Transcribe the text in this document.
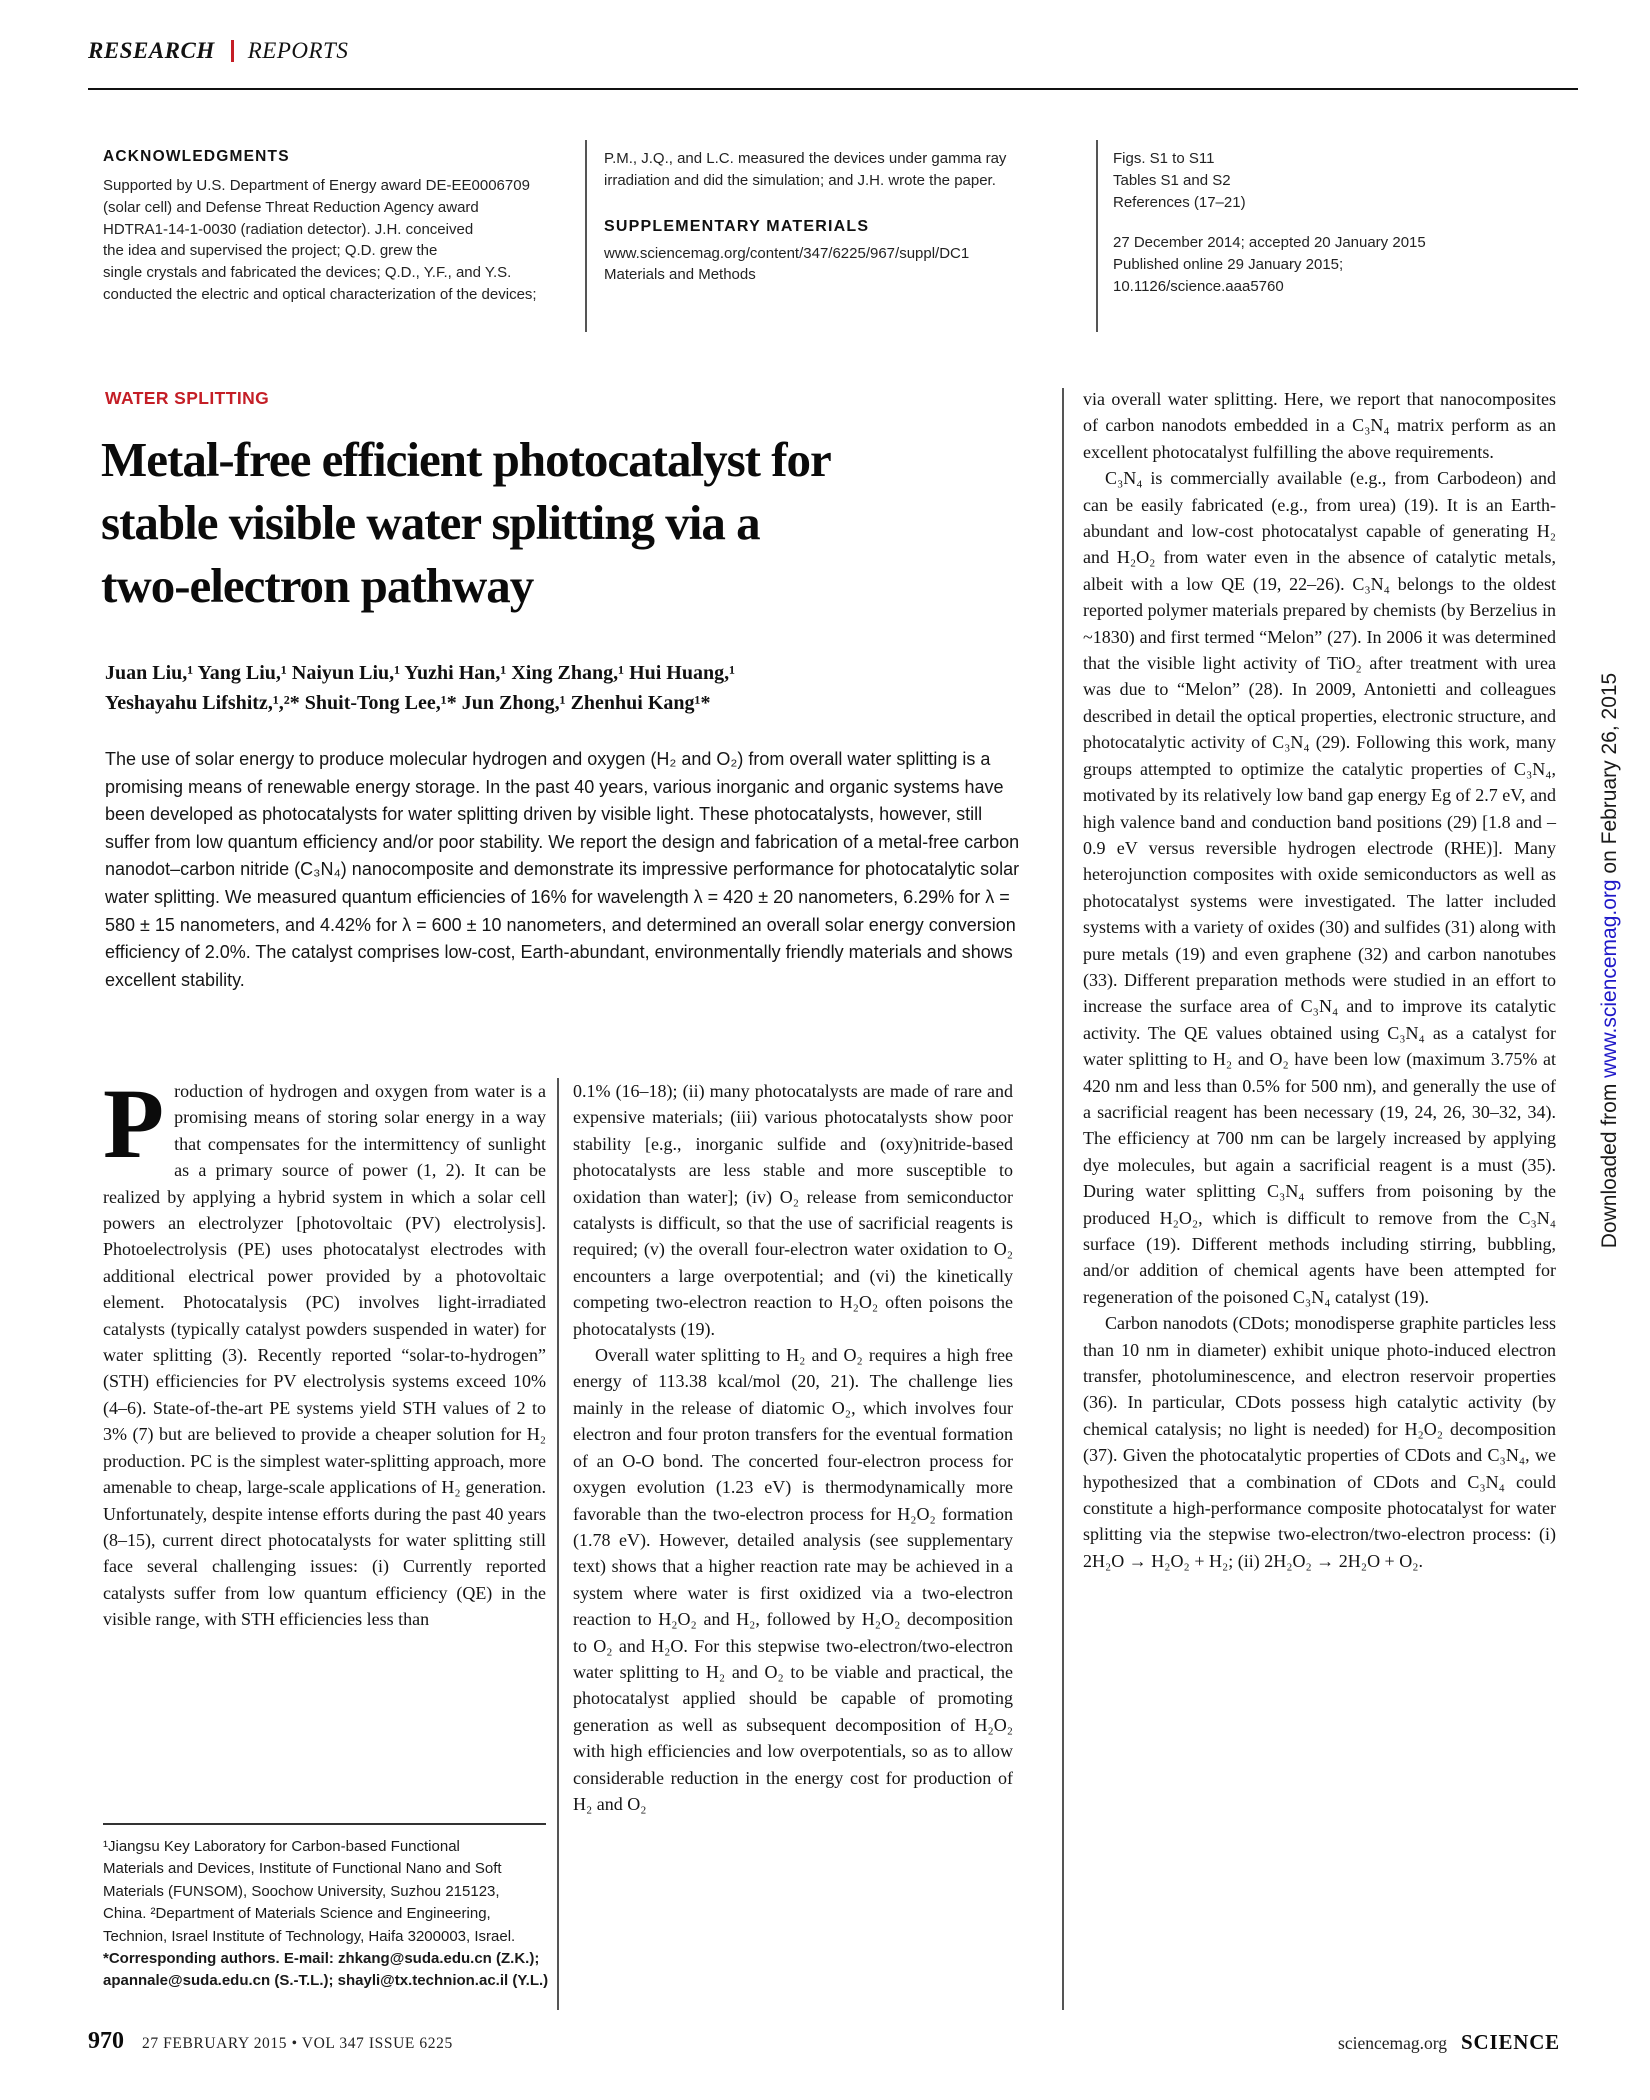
RESEARCH REPORTS
ACKNOWLEDGMENTS
Supported by U.S. Department of Energy award DE-EE0006709
(solar cell) and Defense Threat Reduction Agency award
HDTRA1-14-1-0030 (radiation detector). J.H. conceived
the idea and supervised the project; Q.D. grew the
single crystals and fabricated the devices; Q.D., Y.F., and Y.S.
conducted the electric and optical characterization of the devices;
P.M., J.Q., and L.C. measured the devices under gamma ray
irradiation and did the simulation; and J.H. wrote the paper.
SUPPLEMENTARY MATERIALS
www.sciencemag.org/content/347/6225/967/suppl/DC1
Materials and Methods
Figs. S1 to S11
Tables S1 and S2
References (17–21)
27 December 2014; accepted 20 January 2015
Published online 29 January 2015;
10.1126/science.aaa5760
WATER SPLITTING
Metal-free efficient photocatalyst for
stable visible water splitting via a
two-electron pathway
Juan Liu,¹ Yang Liu,¹ Naiyun Liu,¹ Yuzhi Han,¹ Xing Zhang,¹ Hui Huang,¹
Yeshayahu Lifshitz,¹,²* Shuit-Tong Lee,¹* Jun Zhong,¹ Zhenhui Kang¹*
The use of solar energy to produce molecular hydrogen and oxygen (H₂ and O₂) from overall water splitting is a promising means of renewable energy storage. In the past 40 years, various inorganic and organic systems have been developed as photocatalysts for water splitting driven by visible light. These photocatalysts, however, still suffer from low quantum efficiency and/or poor stability. We report the design and fabrication of a metal-free carbon nanodot–carbon nitride (C₃N₄) nanocomposite and demonstrate its impressive performance for photocatalytic solar water splitting. We measured quantum efficiencies of 16% for wavelength λ = 420 ± 20 nanometers, 6.29% for λ = 580 ± 15 nanometers, and 4.42% for λ = 600 ± 10 nanometers, and determined an overall solar energy conversion efficiency of 2.0%. The catalyst comprises low-cost, Earth-abundant, environmentally friendly materials and shows excellent stability.
Production of hydrogen and oxygen from water is a promising means of storing solar energy in a way that compensates for the intermittency of sunlight as a primary source of power (1, 2). It can be realized by applying a hybrid system in which a solar cell powers an electrolyzer [photovoltaic (PV) electrolysis]. Photoelectrolysis (PE) uses photocatalyst electrodes with additional electrical power provided by a photovoltaic element. Photocatalysis (PC) involves light-irradiated catalysts (typically catalyst powders suspended in water) for water splitting (3). Recently reported “solar-to-hydrogen” (STH) efficiencies for PV electrolysis systems exceed 10% (4–6). State-of-the-art PE systems yield STH values of 2 to 3% (7) but are believed to provide a cheaper solution for H₂ production. PC is the simplest water-splitting approach, more amenable to cheap, large-scale applications of H₂ generation. Unfortunately, despite intense efforts during the past 40 years (8–15), current direct photocatalysts for water splitting still face several challenging issues: (i) Currently reported catalysts suffer from low quantum efficiency (QE) in the visible range, with STH efficiencies less than
0.1% (16–18); (ii) many photocatalysts are made of rare and expensive materials; (iii) various photocatalysts show poor stability [e.g., inorganic sulfide and (oxy)nitride-based photocatalysts are less stable and more susceptible to oxidation than water]; (iv) O₂ release from semiconductor catalysts is difficult, so that the use of sacrificial reagents is required; (v) the overall four-electron water oxidation to O₂ encounters a large overpotential; and (vi) the kinetically competing two-electron reaction to H₂O₂ often poisons the photocatalysts (19).
Overall water splitting to H₂ and O₂ requires a high free energy of 113.38 kcal/mol (20, 21). The challenge lies mainly in the release of diatomic O₂, which involves four electron and four proton transfers for the eventual formation of an O-O bond. The concerted four-electron process for oxygen evolution (1.23 eV) is thermodynamically more favorable than the two-electron process for H₂O₂ formation (1.78 eV). However, detailed analysis (see supplementary text) shows that a higher reaction rate may be achieved in a system where water is first oxidized via a two-electron reaction to H₂O₂ and H₂, followed by H₂O₂ decomposition to O₂ and H₂O. For this stepwise two-electron/two-electron water splitting to H₂ and O₂ to be viable and practical, the photocatalyst applied should be capable of promoting generation as well as subsequent decomposition of H₂O₂ with high efficiencies and low overpotentials, so as to allow considerable reduction in the energy cost for production of H₂ and O₂
via overall water splitting. Here, we report that nanocomposites of carbon nanodots embedded in a C₃N₄ matrix perform as an excellent photocatalyst fulfilling the above requirements.
C₃N₄ is commercially available (e.g., from Carbodeon) and can be easily fabricated (e.g., from urea) (19). It is an Earth-abundant and low-cost photocatalyst capable of generating H₂ and H₂O₂ from water even in the absence of catalytic metals, albeit with a low QE (19, 22–26). C₃N₄ belongs to the oldest reported polymer materials prepared by chemists (by Berzelius in ~1830) and first termed “Melon” (27). In 2006 it was determined that the visible light activity of TiO₂ after treatment with urea was due to “Melon” (28). In 2009, Antonietti and colleagues described in detail the optical properties, electronic structure, and photocatalytic activity of C₃N₄ (29). Following this work, many groups attempted to optimize the catalytic properties of C₃N₄, motivated by its relatively low band gap energy Eg of 2.7 eV, and high valence band and conduction band positions (29) [1.8 and –0.9 eV versus reversible hydrogen electrode (RHE)]. Many heterojunction composites with oxide semiconductors as well as photocatalyst systems were investigated. The latter included systems with a variety of oxides (30) and sulfides (31) along with pure metals (19) and even graphene (32) and carbon nanotubes (33). Different preparation methods were studied in an effort to increase the surface area of C₃N₄ and to improve its catalytic activity. The QE values obtained using C₃N₄ as a catalyst for water splitting to H₂ and O₂ have been low (maximum 3.75% at 420 nm and less than 0.5% for 500 nm), and generally the use of a sacrificial reagent has been necessary (19, 24, 26, 30–32, 34). The efficiency at 700 nm can be largely increased by applying dye molecules, but again a sacrificial reagent is a must (35). During water splitting C₃N₄ suffers from poisoning by the produced H₂O₂, which is difficult to remove from the C₃N₄ surface (19). Different methods including stirring, bubbling, and/or addition of chemical agents have been attempted for regeneration of the poisoned C₃N₄ catalyst (19).
Carbon nanodots (CDots; monodisperse graphite particles less than 10 nm in diameter) exhibit unique photo-induced electron transfer, photoluminescence, and electron reservoir properties (36). In particular, CDots possess high catalytic activity (by chemical catalysis; no light is needed) for H₂O₂ decomposition (37). Given the photocatalytic properties of CDots and C₃N₄, we hypothesized that a combination of CDots and C₃N₄ could constitute a high-performance composite photocatalyst for water splitting via the stepwise two-electron/two-electron process: (i) 2H₂O → H₂O₂ + H₂; (ii) 2H₂O₂ → 2H₂O + O₂.
¹Jiangsu Key Laboratory for Carbon-based Functional
Materials and Devices, Institute of Functional Nano and Soft
Materials (FUNSOM), Soochow University, Suzhou 215123,
China. ²Department of Materials Science and Engineering,
Technion, Israel Institute of Technology, Haifa 3200003, Israel.
*Corresponding authors. E-mail: zhkang@suda.edu.cn (Z.K.);
apannale@suda.edu.cn (S.-T.L.); shayli@tx.technion.ac.il (Y.L.)
970 27 FEBRUARY 2015 • VOL 347 ISSUE 6225	sciencemag.org SCIENCE
Downloaded from www.sciencemag.org on February 26, 2015
